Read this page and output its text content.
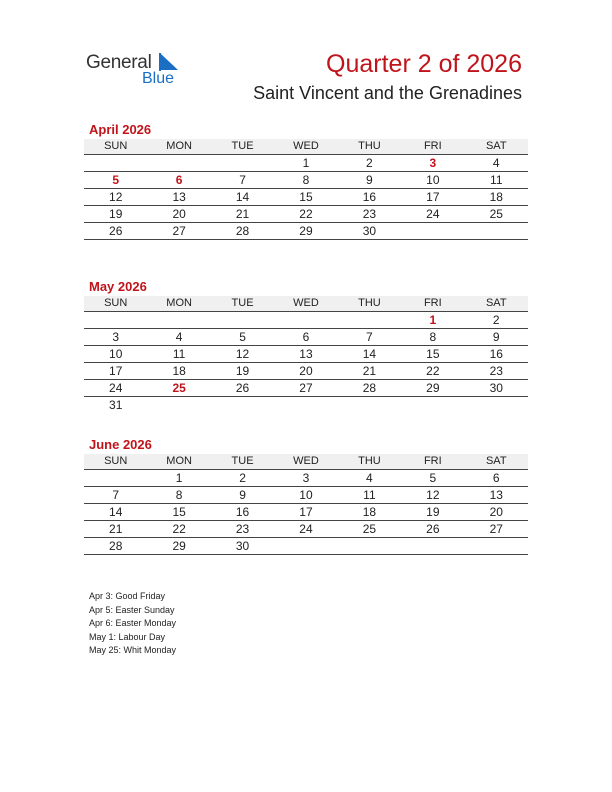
General
Blue
Quarter 2 of 2026
Saint Vincent and the Grenadines
April 2026
SUN	MON	TUE	WED	THU	FRI	SAT
			1	2	3	4
5	6	7	8	9	10	11
12	13	14	15	16	17	18
19	20	21	22	23	24	25
26	27	28	29	30		
May 2026
SUN	MON	TUE	WED	THU	FRI	SAT
					1	2
3	4	5	6	7	8	9
10	11	12	13	14	15	16
17	18	19	20	21	22	23
24	25	26	27	28	29	30
31						
June 2026
SUN	MON	TUE	WED	THU	FRI	SAT
	1	2	3	4	5	6
7	8	9	10	11	12	13
14	15	16	17	18	19	20
21	22	23	24	25	26	27
28	29	30				
Apr 3: Good Friday
Apr 5: Easter Sunday
Apr 6: Easter Monday
May 1: Labour Day
May 25: Whit Monday
